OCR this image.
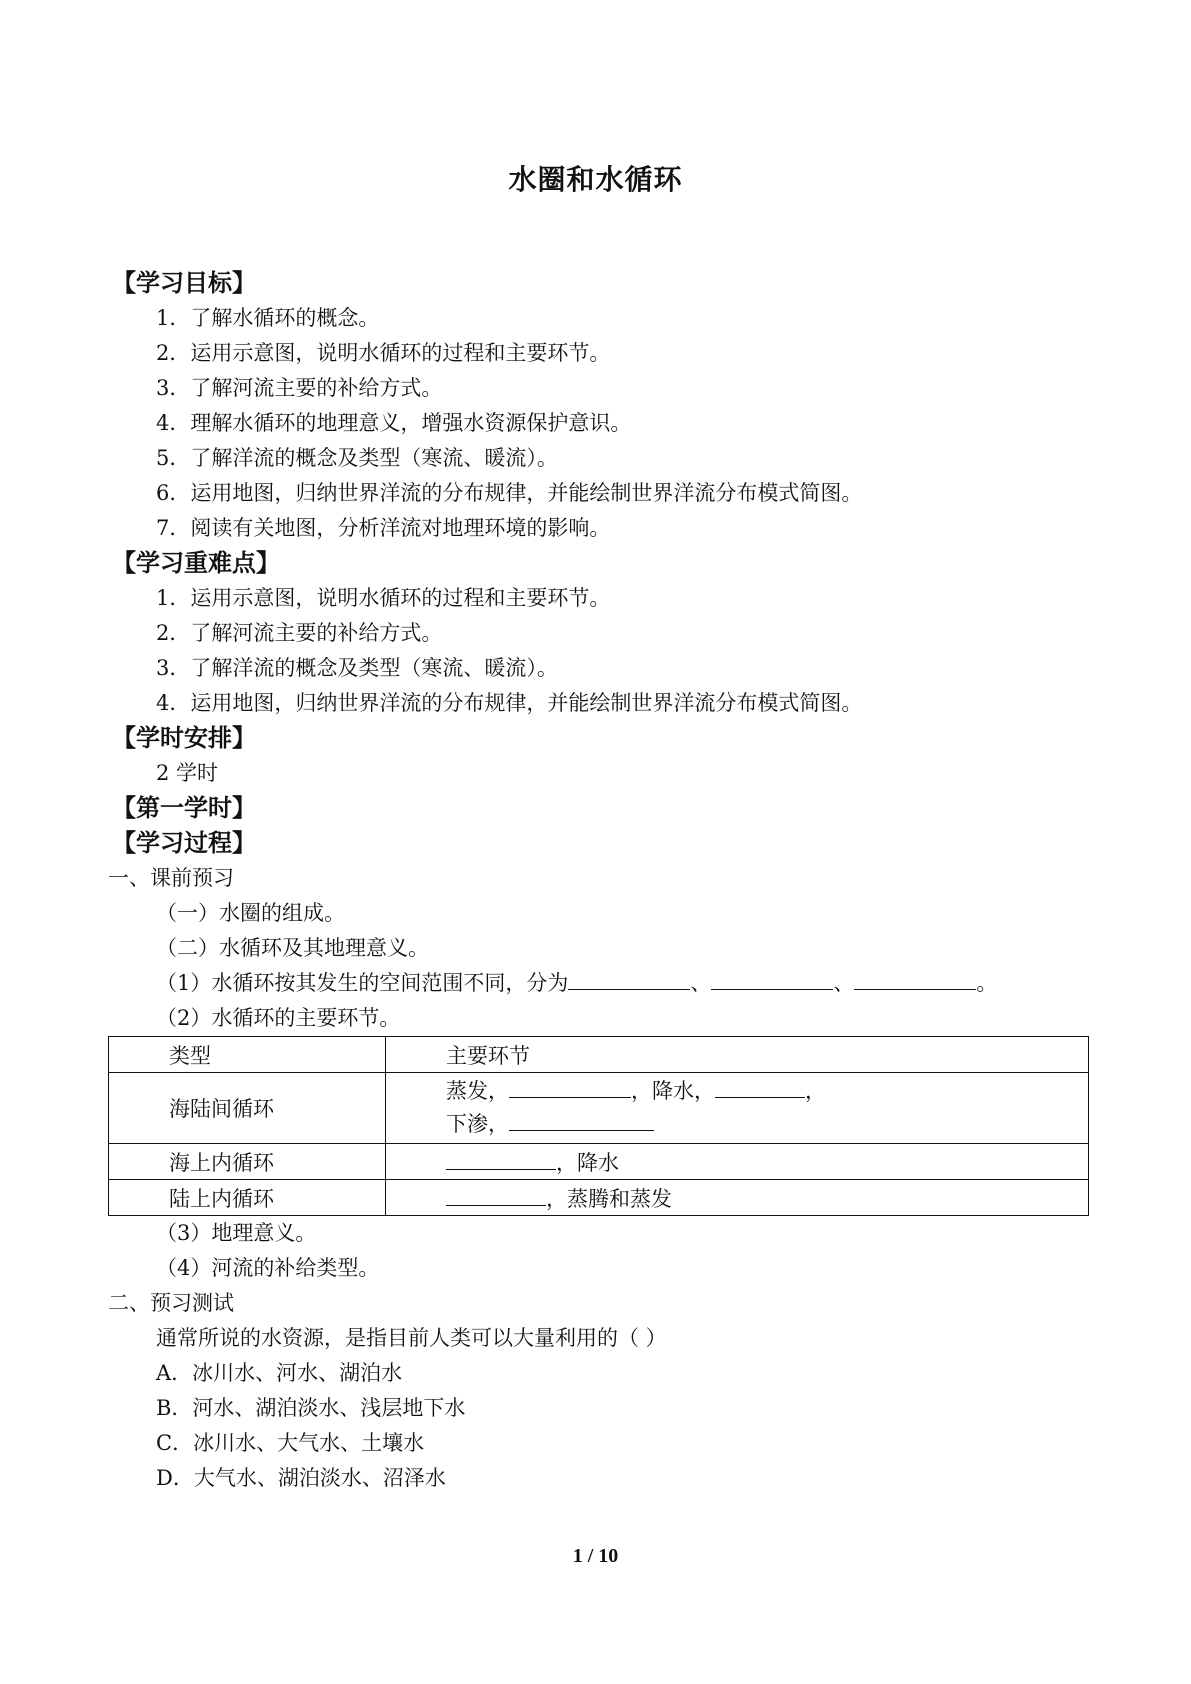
水圈和水循环
【学习目标】
1．了解水循环的概念。
2．运用示意图，说明水循环的过程和主要环节。
3．了解河流主要的补给方式。
4．理解水循环的地理意义，增强水资源保护意识。
5．了解洋流的概念及类型（寒流、暖流）。
6．运用地图，归纳世界洋流的分布规律，并能绘制世界洋流分布模式简图。
7．阅读有关地图，分析洋流对地理环境的影响。
【学习重难点】
1．运用示意图，说明水循环的过程和主要环节。
2．了解河流主要的补给方式。
3．了解洋流的概念及类型（寒流、暖流）。
4．运用地图，归纳世界洋流的分布规律，并能绘制世界洋流分布模式简图。
【学时安排】
2 学时
【第一学时】
【学习过程】
一、课前预习
（一）水圈的组成。
（二）水循环及其地理意义。
（1）水循环按其发生的空间范围不同，分为	、	、	。
（2）水循环的主要环节。
类型	主要环节
海陆间循环	蒸发， ，降水， ，
下渗，

海上内循环	，降水
陆上内循环	，蒸腾和蒸发
（3）地理意义。
（4）河流的补给类型。
二、预习测试
通常所说的水资源，是指目前人类可以大量利用的（ ）
A．冰川水、河水、湖泊水
B．河水、湖泊淡水、浅层地下水
C．冰川水、大气水、土壤水
D．大气水、湖泊淡水、沼泽水
1 / 10
